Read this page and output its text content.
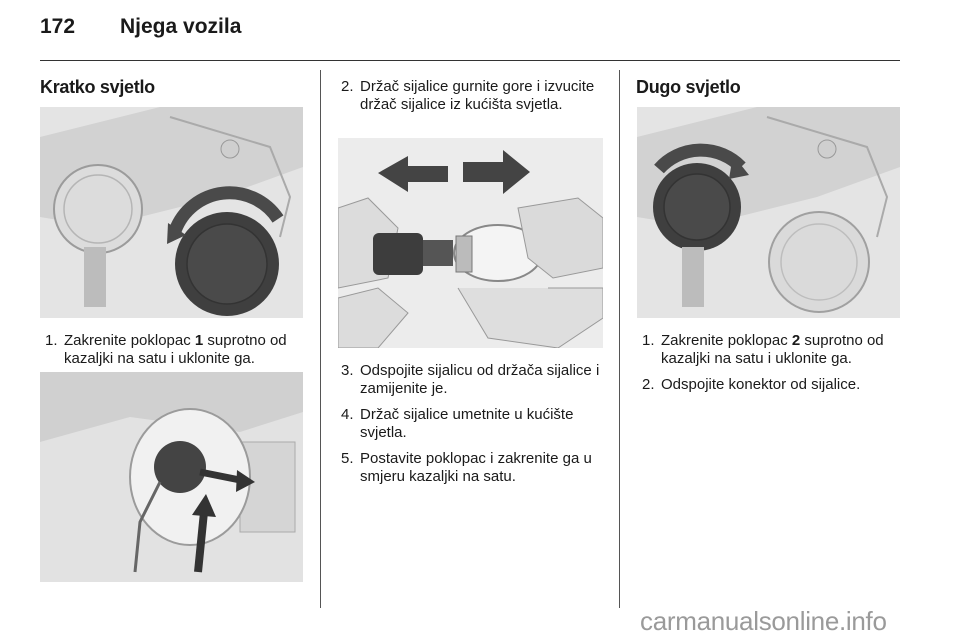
172 Njega vozila
Kratko svjetlo
1. Zakrenite poklopac 1 suprotno od kazaljki na satu i uklonite ga.
2. Držač sijalice gurnite gore i izvucite držač sijalice iz kućišta svjetla.
3. Odspojite sijalicu od držača sijalice i zamijenite je.
4. Držač sijalice umetnite u kućište svjetla.
5. Postavite poklopac i zakrenite ga u smjeru kazaljki na satu.
Dugo svjetlo
1. Zakrenite poklopac 2 suprotno od kazaljki na satu i uklonite ga.
2. Odspojite konektor od sijalice.
carmanualsonline.info
